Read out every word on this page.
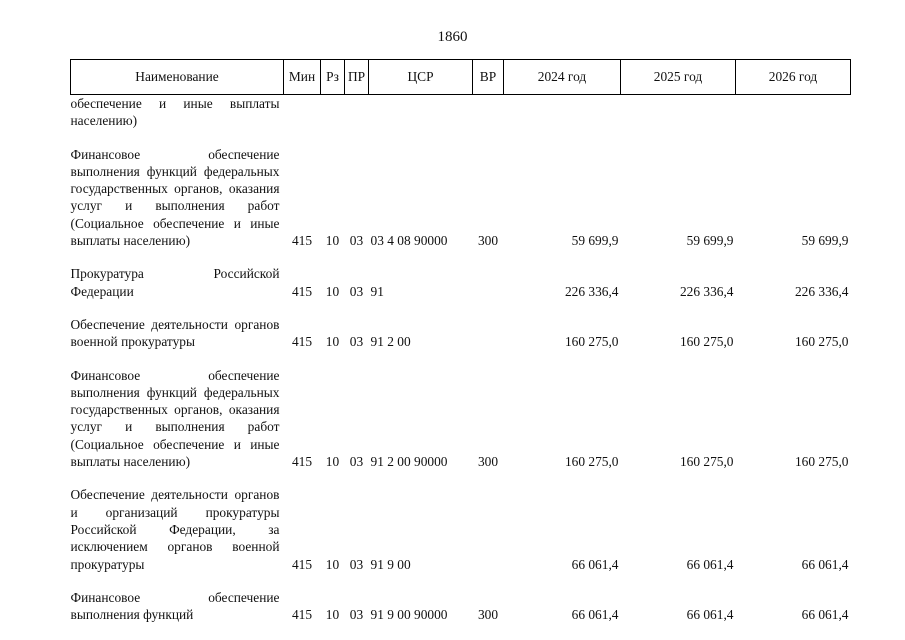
1860
Наименование	Мин	Рз	ПР	ЦСР	ВР	2024 год	2025 год	2026 год
обеспечение и иные выплаты населению)								
Финансовое обеспечение выполнения функций федеральных государственных органов, оказания услуг и выполнения работ (Социальное обеспечение и иные выплаты населению)	415	10	03	03 4 08 90000	300	59 699,9	59 699,9	59 699,9
Прокуратура Российской Федерации	415	10	03	91		226 336,4	226 336,4	226 336,4
Обеспечение деятельности органов военной прокуратуры	415	10	03	91 2 00		160 275,0	160 275,0	160 275,0
Финансовое обеспечение выполнения функций федеральных государственных органов, оказания услуг и выполнения работ (Социальное обеспечение и иные выплаты населению)	415	10	03	91 2 00 90000	300	160 275,0	160 275,0	160 275,0
Обеспечение деятельности органов и организаций прокуратуры Российской Федерации, за исключением органов военной прокуратуры	415	10	03	91 9 00		66 061,4	66 061,4	66 061,4
Финансовое обеспечение выполнения функций	415	10	03	91 9 00 90000	300	66 061,4	66 061,4	66 061,4
